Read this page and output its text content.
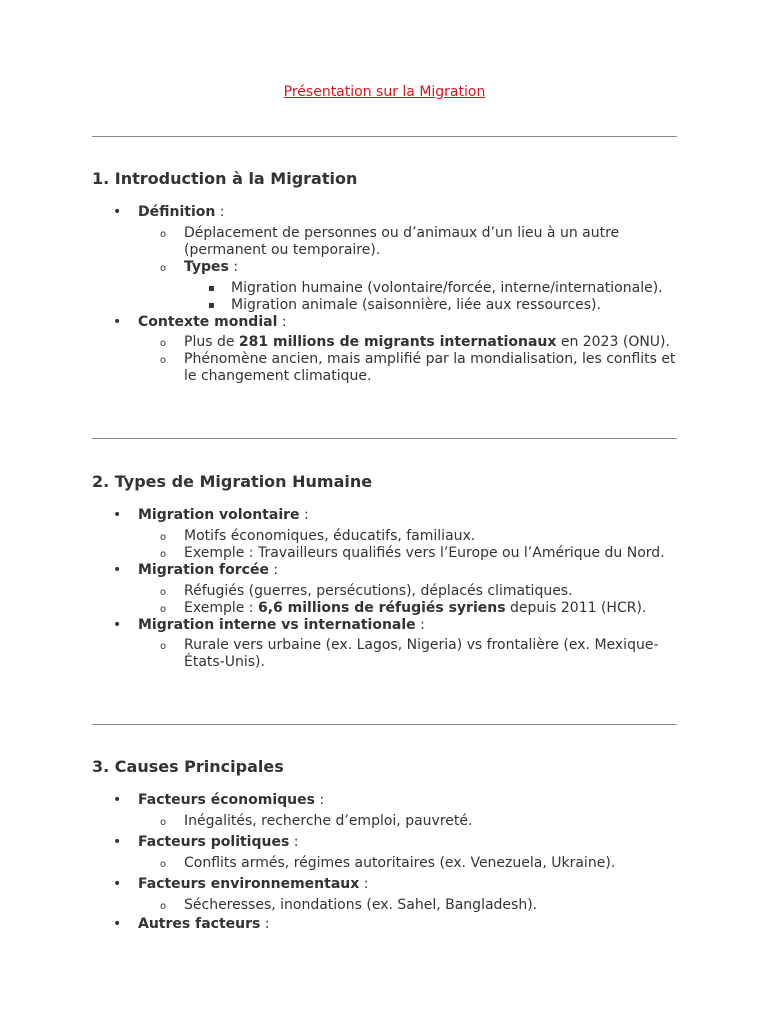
Présentation sur la Migration
1. Introduction à la Migration
• Définition :
o Déplacement de personnes ou d’animaux d’un lieu à un autre (permanent ou temporaire).
o Types :
▪ Migration humaine (volontaire/forcée, interne/internationale).
▪ Migration animale (saisonnière, liée aux ressources).
• Contexte mondial :
o Plus de 281 millions de migrants internationaux en 2023 (ONU).
o Phénomène ancien, mais amplifié par la mondialisation, les conflits et le changement climatique.
2. Types de Migration Humaine
• Migration volontaire :
o Motifs économiques, éducatifs, familiaux.
o Exemple : Travailleurs qualifiés vers l’Europe ou l’Amérique du Nord.
• Migration forcée :
o Réfugiés (guerres, persécutions), déplacés climatiques.
o Exemple : 6,6 millions de réfugiés syriens depuis 2011 (HCR).
• Migration interne vs internationale :
o Rurale vers urbaine (ex. Lagos, Nigeria) vs frontalière (ex. Mexique-États-Unis).
3. Causes Principales
• Facteurs économiques :
o Inégalités, recherche d’emploi, pauvreté.
• Facteurs politiques :
o Conflits armés, régimes autoritaires (ex. Venezuela, Ukraine).
• Facteurs environnementaux :
o Sécheresses, inondations (ex. Sahel, Bangladesh).
• Autres facteurs :
